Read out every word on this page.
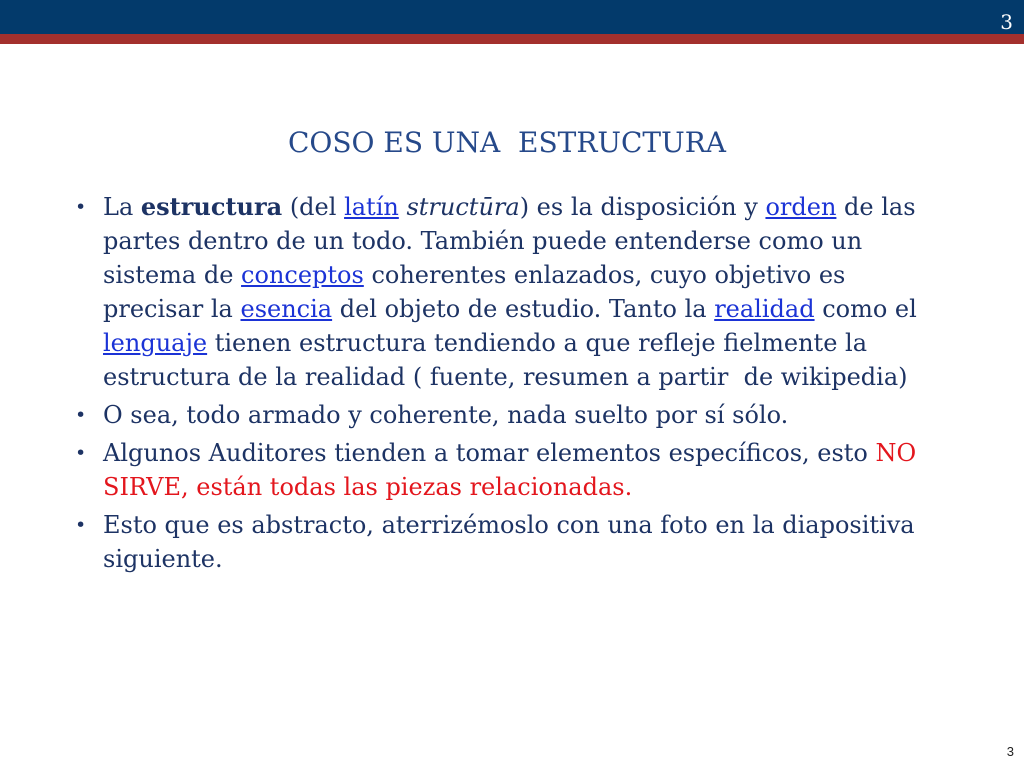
3
COSO ES UNA  ESTRUCTURA
• La estructura (del latín structūra) es la disposición y orden de las
partes dentro de un todo. También puede entenderse como un
sistema de conceptos coherentes enlazados, cuyo objetivo es
precisar la esencia del objeto de estudio. Tanto la realidad como el
lenguaje tienen estructura tendiendo a que refleje fielmente la
estructura de la realidad ( fuente, resumen a partir  de wikipedia)
• O sea, todo armado y coherente, nada suelto por sí sólo.
• Algunos Auditores tienden a tomar elementos específicos, esto NO
SIRVE, están todas las piezas relacionadas.
• Esto que es abstracto, aterrizémoslo con una foto en la diapositiva
siguiente.
3
